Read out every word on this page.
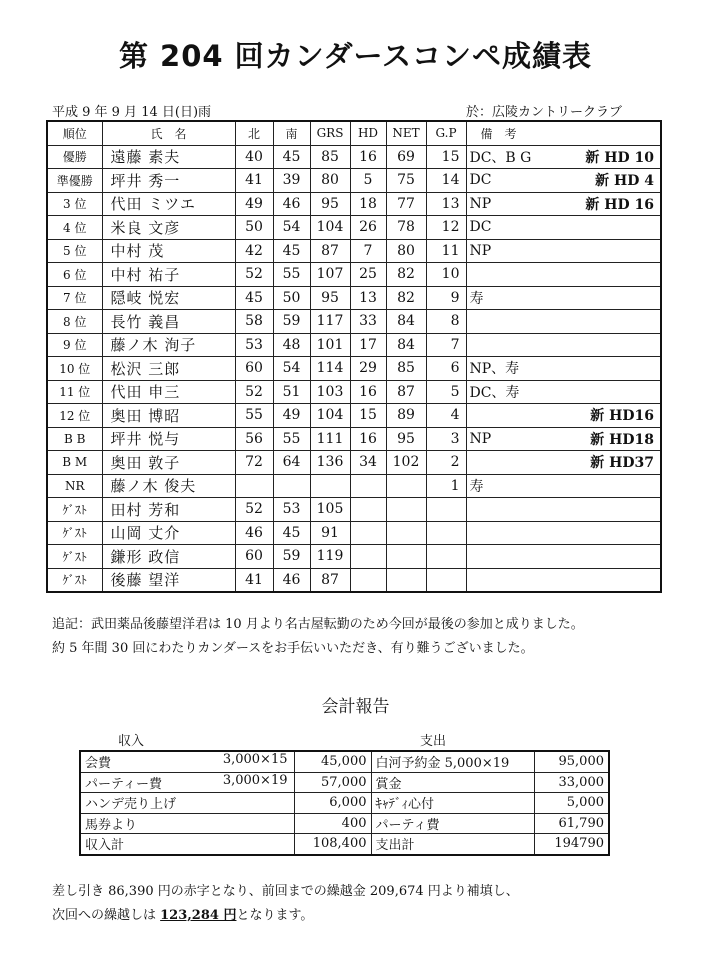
第 204 回カンダースコンペ成績表
平成 9 年 9 月 14 日(日)雨	於：広陵カントリークラブ
順位	氏　名	北	南	GRS	HD	NET	G.P	備　考	
優勝	遠藤 素夫	40	45	85	16	69	15	DC、B G	新 HD 10
準優勝	坪井 秀一	41	39	80	5	75	14	DC	新 HD 4
3 位	代田 ミツエ	49	46	95	18	77	13	NP	新 HD 16
4 位	米良 文彦	50	54	104	26	78	12	DC	
5 位	中村 茂	42	45	87	7	80	11	NP	
6 位	中村 祐子	52	55	107	25	82	10		
7 位	隠岐 悦宏	45	50	95	13	82	9	寿	
8 位	長竹 義昌	58	59	117	33	84	8		
9 位	藤ノ木 洵子	53	48	101	17	84	7		
10 位	松沢 三郎	60	54	114	29	85	6	NP、寿	
11 位	代田 申三	52	51	103	16	87	5	DC、寿	
12 位	奥田 博昭	55	49	104	15	89	4		新 HD16
B B	坪井 悦与	56	55	111	16	95	3	NP	新 HD18
B M	奥田 敦子	72	64	136	34	102	2		新 HD37
NR	藤ノ木 俊夫						1	寿	
ｹﾞｽﾄ	田村 芳和	52	53	105					
ｹﾞｽﾄ	山岡 丈介	46	45	91					
ｹﾞｽﾄ	鎌形 政信	60	59	119					
ｹﾞｽﾄ	後藤 望洋	41	46	87					
追記：武田薬品後藤望洋君は 10 月より名古屋転勤のため今回が最後の参加と成りました。
約 5 年間 30 回にわたりカンダースをお手伝いいただき、有り難うございました。
会計報告
収入	支出
会費 3,000×15	45,000	白河予約金 5,000×19	95,000
パーティー費 3,000×19	57,000	賞金	33,000
ハンデ売り上げ	6,000	ｷｬﾃﾞｨ心付	5,000
馬券より	400	パーティ費	61,790
収入計	108,400	支出計	194790
差し引き 86,390 円の赤字となり、前回までの繰越金 209,674 円より補填し、
次回への繰越しは 123,284 円となります。
